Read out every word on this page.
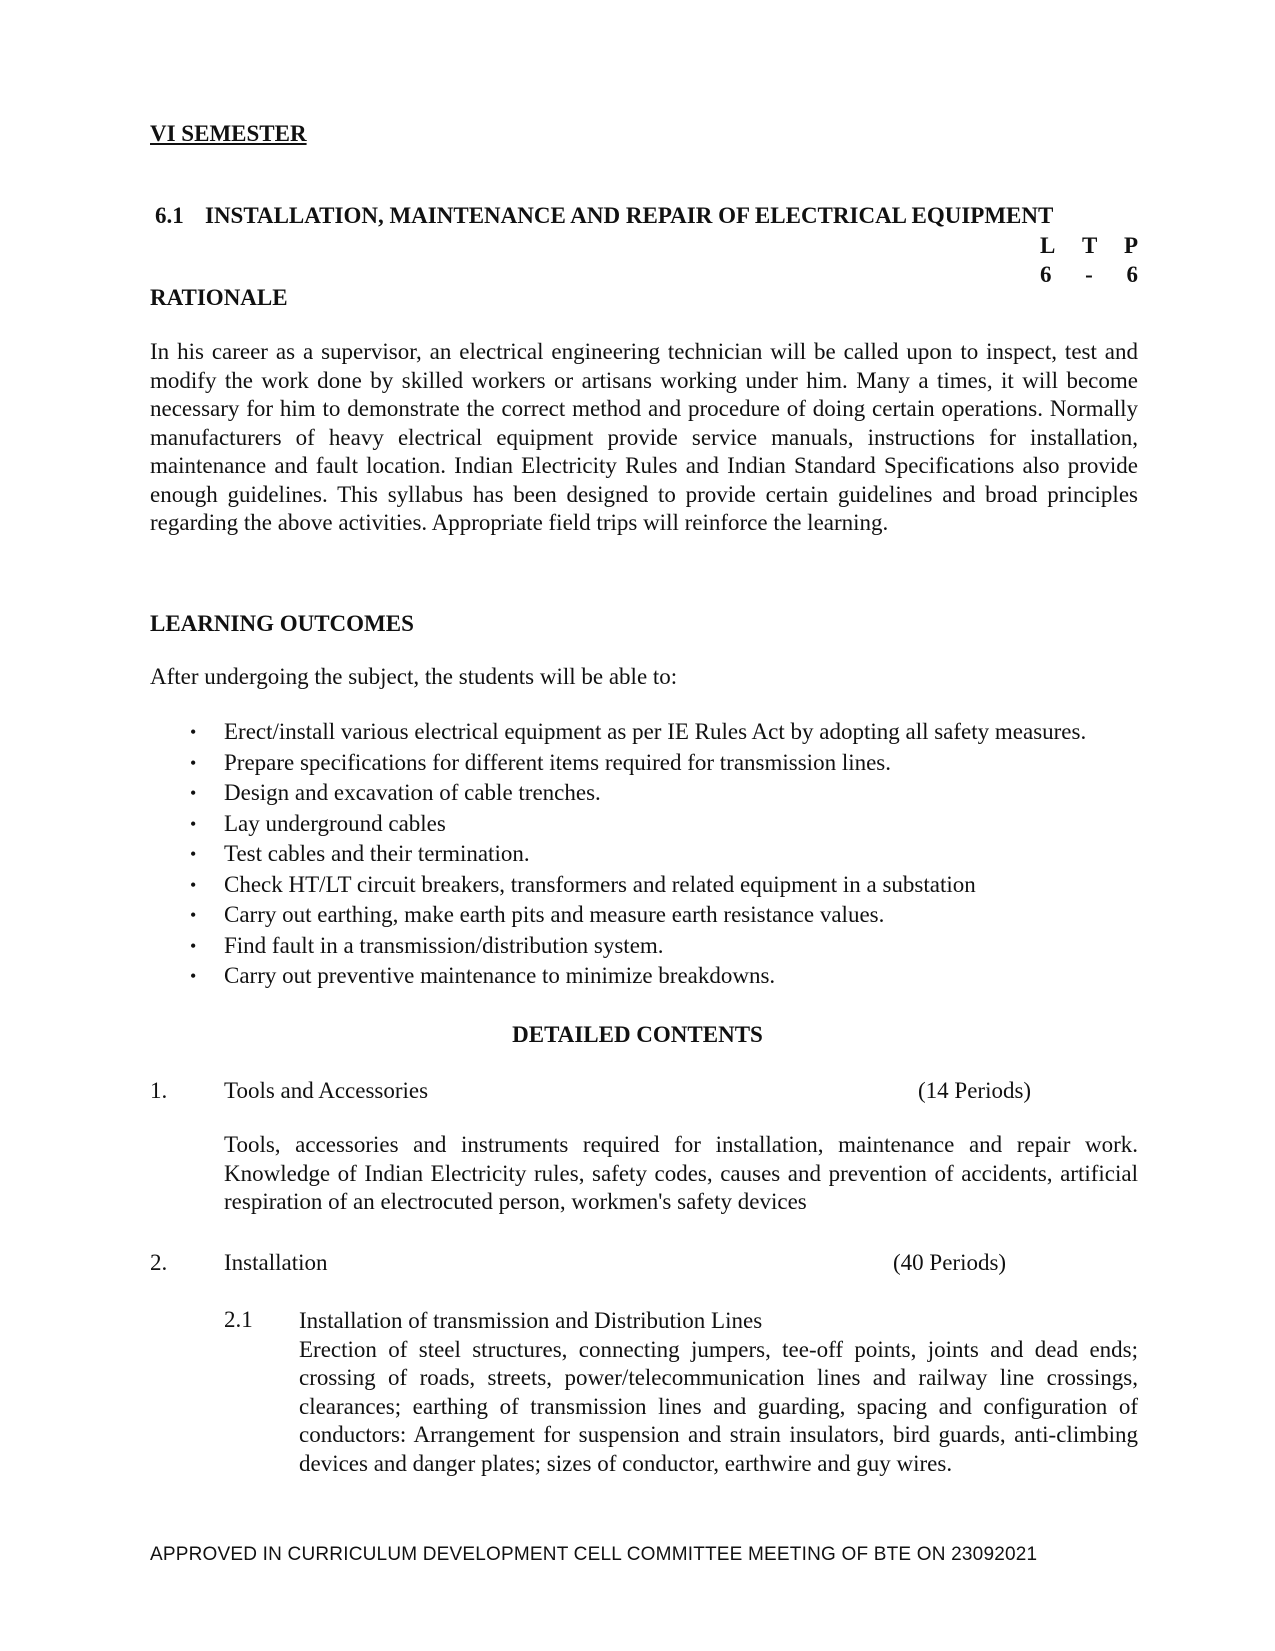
VI SEMESTER
6.1 INSTALLATION, MAINTENANCE AND REPAIR OF ELECTRICAL EQUIPMENT
L T P
6 - 6
RATIONALE
In his career as a supervisor, an electrical engineering technician will be called upon to inspect, test and modify the work done by skilled workers or artisans working under him. Many a times, it will become necessary for him to demonstrate the correct method and procedure of doing certain operations. Normally manufacturers of heavy electrical equipment provide service manuals, instructions for installation, maintenance and fault location. Indian Electricity Rules and Indian Standard Specifications also provide enough guidelines. This syllabus has been designed to provide certain guidelines and broad principles regarding the above activities. Appropriate field trips will reinforce the learning.
LEARNING OUTCOMES
After undergoing the subject, the students will be able to:
• Erect/install various electrical equipment as per IE Rules Act by adopting all safety measures.
• Prepare specifications for different items required for transmission lines.
• Design and excavation of cable trenches.
• Lay underground cables
• Test cables and their termination.
• Check HT/LT circuit breakers, transformers and related equipment in a substation
• Carry out earthing, make earth pits and measure earth resistance values.
• Find fault in a transmission/distribution system.
• Carry out preventive maintenance to minimize breakdowns.
DETAILED CONTENTS
1. Tools and Accessories	(14 Periods)
Tools, accessories and instruments required for installation, maintenance and repair work. Knowledge of Indian Electricity rules, safety codes, causes and prevention of accidents, artificial respiration of an electrocuted person, workmen's safety devices
2. Installation	(40 Periods)
2.1 Installation of transmission and Distribution Lines
Erection of steel structures, connecting jumpers, tee-off points, joints and dead ends; crossing of roads, streets, power/telecommunication lines and railway line crossings, clearances; earthing of transmission lines and guarding, spacing and configuration of conductors: Arrangement for suspension and strain insulators, bird guards, anti-climbing devices and danger plates; sizes of conductor, earthwire and guy wires.
APPROVED IN CURRICULUM DEVELOPMENT CELL COMMITTEE MEETING OF BTE ON 23092021
